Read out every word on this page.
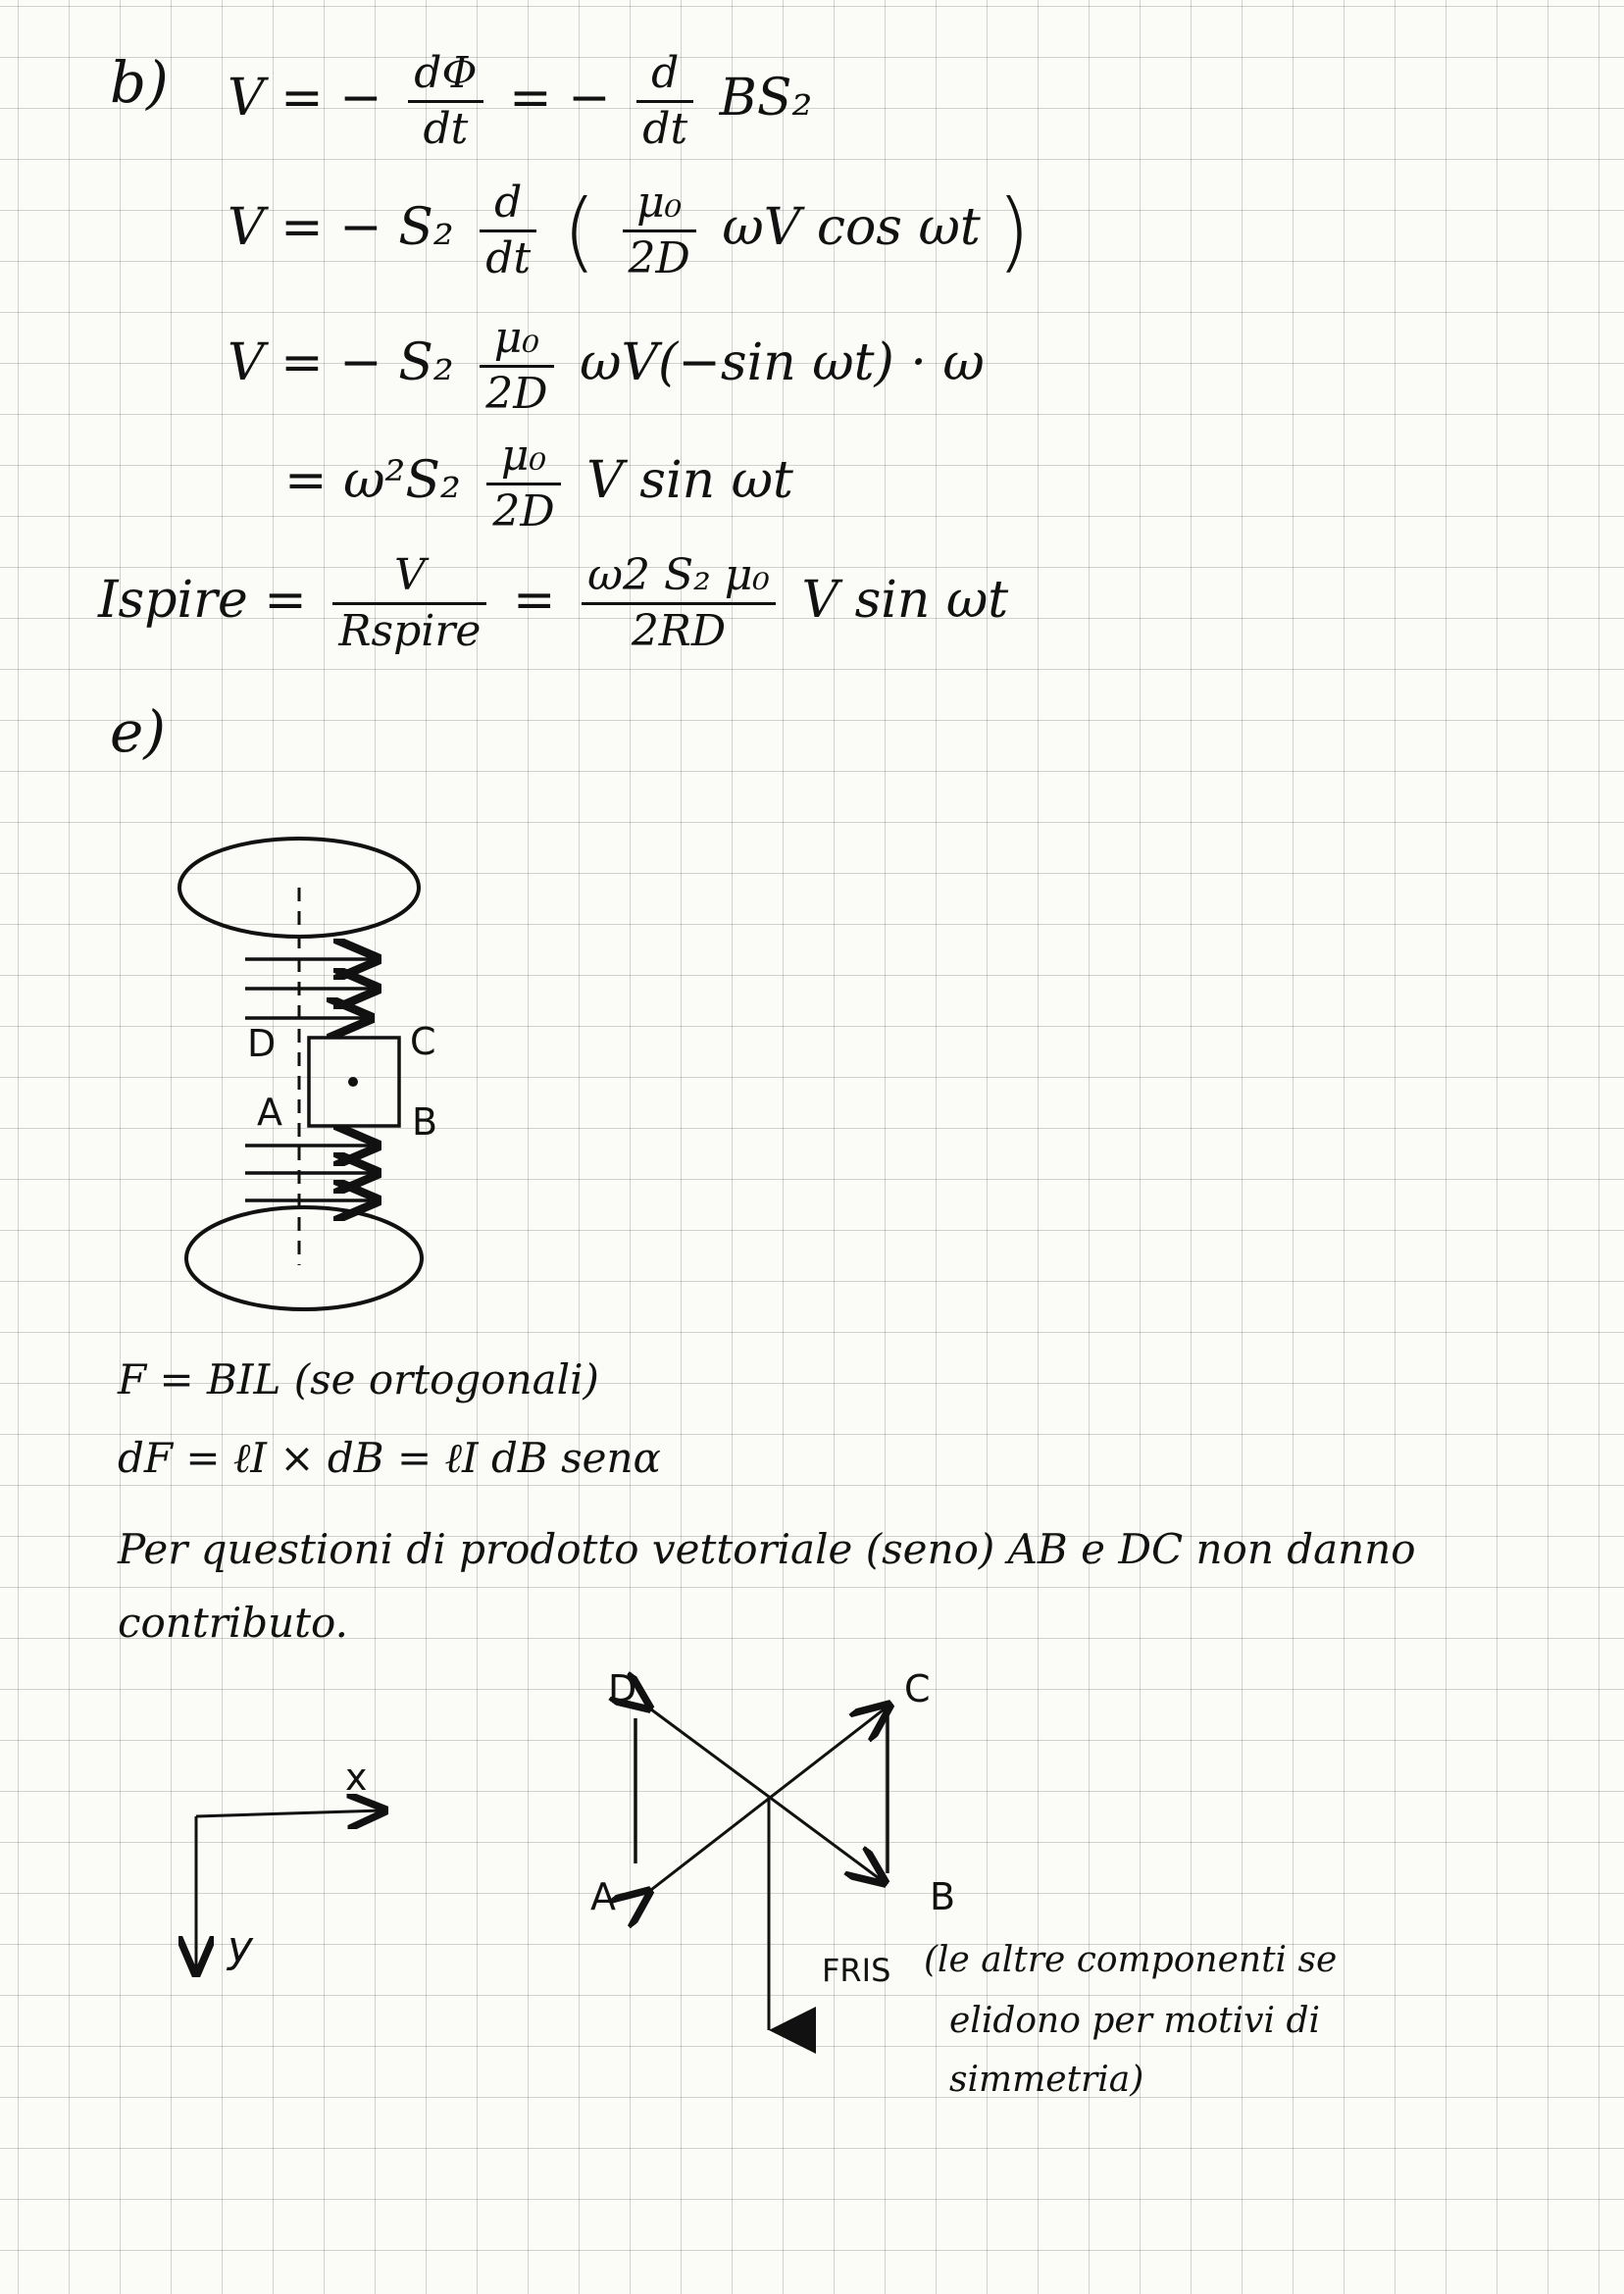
b) V = − $\frac{d\Phi}{dt}$ = − $\frac{d}{dt} BS_2$
V = − $S_2 \frac{d}{dt}$ ( $\frac{\text{μ₀}}{2D}$ ωV cos ωt )
V = − $S_2 \frac{\text{μ₀}}{2D} \omega V(-\sin$ ωt) · ω
= $\omega^2S_2 \frac{\text{μ₀}}{2D}$ V sin ωt
Ispire = $\frac{V}{\text{Rspire}} = \frac{\text{ω2 S₂ μ₀}}{2RD}$ V sin ωt
e)
D	C
A	B
F = BIL (se ortogonali)
dF = ℓI × dB = ℓI dB senα
Per questioni di prodotto vettoriale (seno) AB e DC non danno
contributo.
D	C
A	B
x
y	FRIS (le altre componenti se
elidono per motivi di
simmetria)
